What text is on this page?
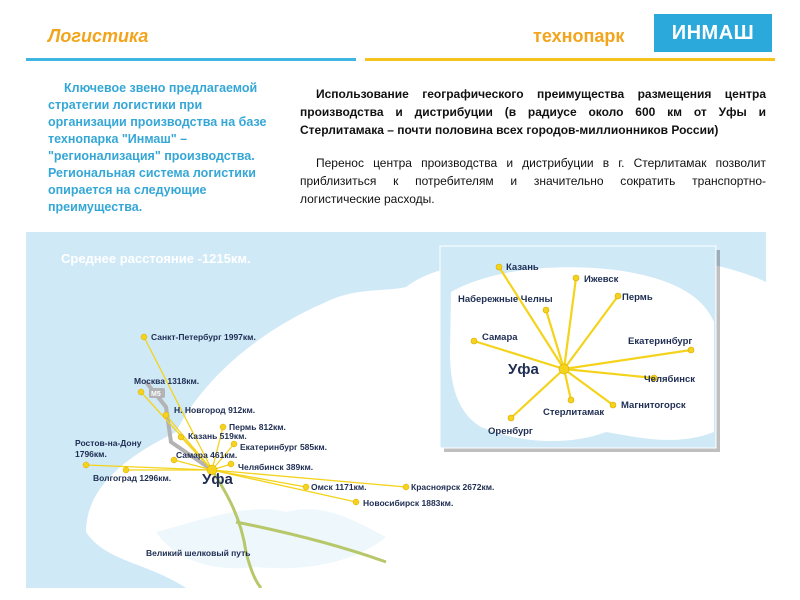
Логистика	технопарк	ИНМАШ
Ключевое звено предлагаемой стратегии логистики при организации производства на базе технопарка "Инмаш" – "регионализация" производства. Региональная система логистики опирается на следующие преимущества.
Использование географического преимущества размещения центра производства и дистрибуции (в радиусе около 600 км от Уфы и Стерлитамака – почти половина всех городов-миллионников России)
Перенос центра производства и дистрибуции в г. Стерлитамак позволит приблизиться к потребителям и значительно сократить транспортно-логистические расходы.
М5
Среднее расстояние -1215км.
Санкт-Петербург 1997км.
Москва 1318км.
Н. Новгород 912км.
Пермь 812км.
Казань 519км.
Екатеринбург 585км.
Самара 461км.
Челябинск 389км.
Ростов-на-Дону
1796км.
Волгоград 1296км.
Омск 1171км.	Красноярск 2672км.
Новосибирск 1883км.
Уфа
Великий шелковый путь
Казань
Ижевск
Набережные Челны	Пермь
Самара	Екатеринбург
Челябинск
Магнитогорск
Стерлитамак
Оренбург
Уфа
